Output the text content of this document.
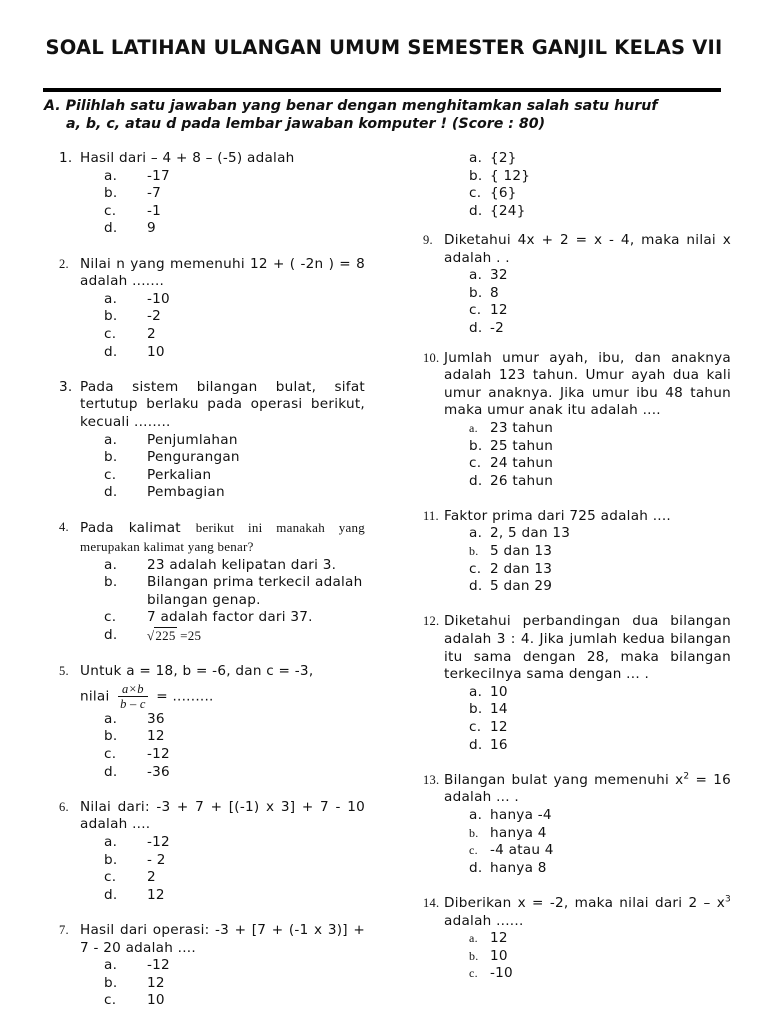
SOAL LATIHAN ULANGAN UMUM SEMESTER GANJIL KELAS VII
A. Pilihlah satu jawaban yang benar dengan menghitamkan salah satu huruf
a, b, c, atau d pada lembar jawaban komputer ! (Score : 80)
1. Hasil dari – 4 + 8 – (-5) adalah
a. -17
b. -7
c. -1
d. 9
2. Nilai n yang memenuhi 12 + ( -2n ) = 8 adalah .......
a. -10
b. -2
c. 2
d. 10
3. Pada sistem bilangan bulat, sifat tertutup berlaku pada operasi berikut, kecuali ........
a. Penjumlahan
b. Pengurangan
c. Perkalian
d. Pembagian
4. Pada kalimat berikut ini manakah yang merupakan kalimat yang benar?
a. 23 adalah kelipatan dari 3.
b. Bilangan prima terkecil adalah bilangan genap.
c. 7 adalah factor dari 37.
d. √225 =25
5. Untuk a = 18, b = -6, dan c = -3,
nilai $\frac{a\times b}{b - c}$ = .........
a. 36
b. 12
c. -12
d. -36
6. Nilai dari: -3 + 7 + [(-1) x 3] + 7 - 10 adalah ....
a. -12
b. - 2
c. 2
d. 12
7. Hasil dari operasi: -3 + [7 + (-1 x 3)] + 7 - 20 adalah ....
a. -12
b. 12
c. 10
a. {2}
b. { 12}
c. {6}
d. {24}
9. Diketahui 4x + 2 = x - 4, maka nilai x adalah . .
a. 32
b. 8
c. 12
d. -2
10. Jumlah umur ayah, ibu, dan anaknya adalah 123 tahun. Umur ayah dua kali umur anaknya. Jika umur ibu 48 tahun maka umur anak itu adalah ....
a. 23 tahun
b. 25 tahun
c. 24 tahun
d. 26 tahun
11. Faktor prima dari 725 adalah ....
a. 2, 5 dan 13
b. 5 dan 13
c. 2 dan 13
d. 5 dan 29
12. Diketahui perbandingan dua bilangan adalah 3 : 4. Jika jumlah kedua bilangan itu sama dengan 28, maka bilangan terkecilnya sama dengan ... .
a. 10
b. 14
c. 12
d. 16
13. Bilangan bulat yang memenuhi $x^2 = 16$ adalah ... .
a. hanya -4
b. hanya 4
c. -4 atau 4
d. hanya 8
14. Diberikan x = -2, maka nilai dari $2 - x^3$ adalah ......
a. 12
b. 10
c. -10
